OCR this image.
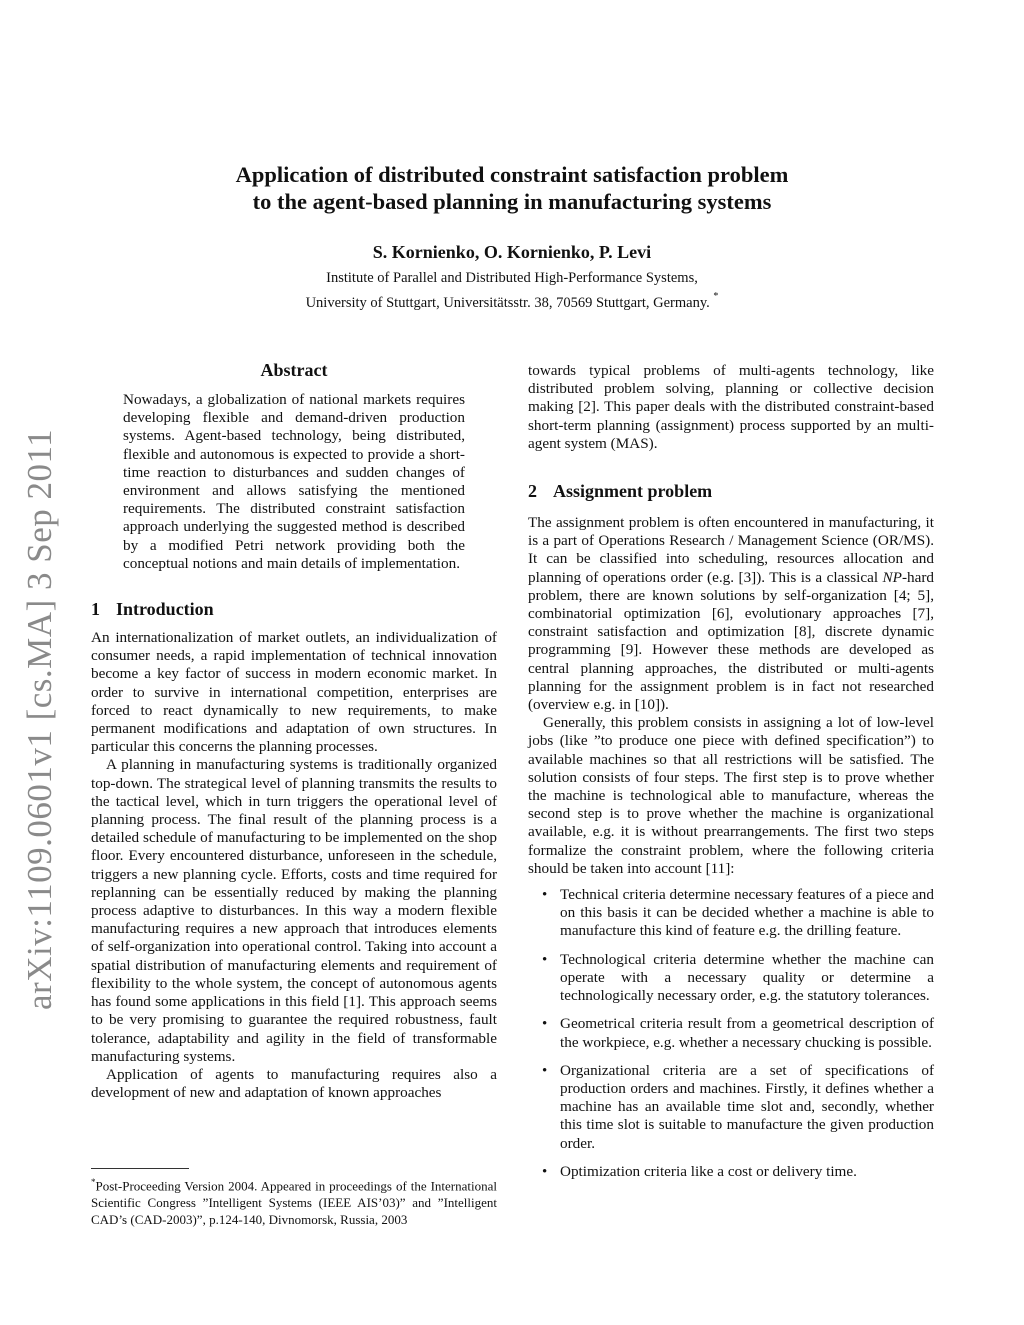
arXiv:1109.0601v1 [cs.MA] 3 Sep 2011
Application of distributed constraint satisfaction problem
to the agent-based planning in manufacturing systems
S. Kornienko, O. Kornienko, P. Levi
Institute of Parallel and Distributed High-Performance Systems,
University of Stuttgart, Universitätsstr. 38, 70569 Stuttgart, Germany. *
Abstract

Nowadays, a globalization of national markets requires developing flexible and demand-driven production systems. Agent-based technology, being distributed, flexible and autonomous is expected to provide a short-time reaction to disturbances and sudden changes of environment and allows satisfying the mentioned requirements. The distributed constraint satisfaction approach underlying the suggested method is described by a modified Petri network providing both the conceptual notions and main details of implementation.

1 Introduction

An internationalization of market outlets, an individualization of consumer needs, a rapid implementation of technical innovation become a key factor of success in modern economic market. In order to survive in international competition, enterprises are forced to react dynamically to new requirements, to make permanent modifications and adaptation of own structures. In particular this concerns the planning processes.

A planning in manufacturing systems is traditionally organized top-down. The strategical level of planning transmits the results to the tactical level, which in turn triggers the operational level of planning process. The final result of the planning process is a detailed schedule of manufacturing to be implemented on the shop floor. Every encountered disturbance, unforeseen in the schedule, triggers a new planning cycle. Efforts, costs and time required for replanning can be essentially reduced by making the planning process adaptive to disturbances. In this way a modern flexible manufacturing requires a new approach that introduces elements of self-organization into operational control. Taking into account a spatial distribution of manufacturing elements and requirement of flexibility to the whole system, the concept of autonomous agents has found some applications in this field [1]. This approach seems to be very promising to guarantee the required robustness, fault tolerance, adaptability and agility in the field of transformable manufacturing systems.

Application of agents to manufacturing requires also a development of new and adaptation of known approaches

*Post-Proceeding Version 2004. Appeared in proceedings of the International Scientific Congress ”Intelligent Systems (IEEE AIS’03)” and ”Intelligent CAD’s (CAD-2003)”, p.124-140, Divnomorsk, Russia, 2003

towards typical problems of multi-agents technology, like distributed problem solving, planning or collective decision making [2]. This paper deals with the distributed constraint-based short-term planning (assignment) process supported by an multi-agent system (MAS).

2 Assignment problem

The assignment problem is often encountered in manufacturing, it is a part of Operations Research / Management Science (OR/MS). It can be classified into scheduling, resources allocation and planning of operations order (e.g. [3]). This is a classical NP-hard problem, there are known solutions by self-organization [4; 5], combinatorial optimization [6], evolutionary approaches [7], constraint satisfaction and optimization [8], discrete dynamic programming [9]. However these methods are developed as central planning approaches, the distributed or multi-agents planning for the assignment problem is in fact not researched (overview e.g. in [10]).

Generally, this problem consists in assigning a lot of low-level jobs (like ”to produce one piece with defined specification”) to available machines so that all restrictions will be satisfied. The solution consists of four steps. The first step is to prove whether the machine is technological able to manufacture, whereas the second step is to prove whether the machine is organizational available, e.g. it is without prearrangements. The first two steps formalize the constraint problem, where the following criteria should be taken into account [11]:

• Technical criteria determine necessary features of a piece and on this basis it can be decided whether a machine is able to manufacture this kind of feature e.g. the drilling feature.

• Technological criteria determine whether the machine can operate with a necessary quality or determine a technologically necessary order, e.g. the statutory tolerances.

• Geometrical criteria result from a geometrical description of the workpiece, e.g. whether a necessary chucking is possible.

• Organizational criteria are a set of specifications of production orders and machines. Firstly, it defines whether a machine has an available time slot and, secondly, whether this time slot is suitable to manufacture the given production order.

• Optimization criteria like a cost or delivery time.
